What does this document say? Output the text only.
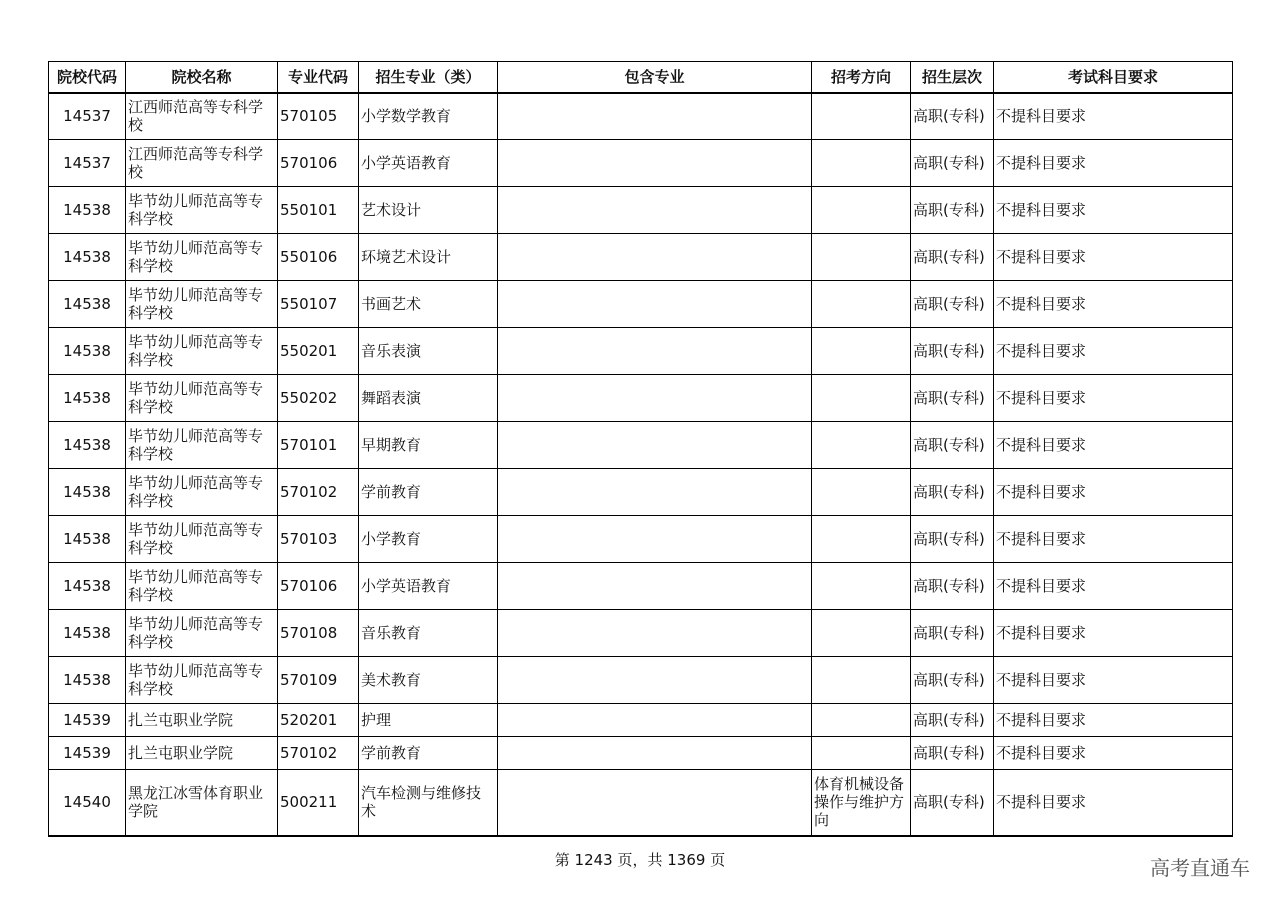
院校代码	院校名称	专业代码	招生专业（类）	包含专业	招考方向	招生层次	考试科目要求
14537	江西师范高等专科学校	570105	小学数学教育			高职(专科)	不提科目要求
14537	江西师范高等专科学校	570106	小学英语教育			高职(专科)	不提科目要求
14538	毕节幼儿师范高等专科学校	550101	艺术设计			高职(专科)	不提科目要求
14538	毕节幼儿师范高等专科学校	550106	环境艺术设计			高职(专科)	不提科目要求
14538	毕节幼儿师范高等专科学校	550107	书画艺术			高职(专科)	不提科目要求
14538	毕节幼儿师范高等专科学校	550201	音乐表演			高职(专科)	不提科目要求
14538	毕节幼儿师范高等专科学校	550202	舞蹈表演			高职(专科)	不提科目要求
14538	毕节幼儿师范高等专科学校	570101	早期教育			高职(专科)	不提科目要求
14538	毕节幼儿师范高等专科学校	570102	学前教育			高职(专科)	不提科目要求
14538	毕节幼儿师范高等专科学校	570103	小学教育			高职(专科)	不提科目要求
14538	毕节幼儿师范高等专科学校	570106	小学英语教育			高职(专科)	不提科目要求
14538	毕节幼儿师范高等专科学校	570108	音乐教育			高职(专科)	不提科目要求
14538	毕节幼儿师范高等专科学校	570109	美术教育			高职(专科)	不提科目要求
14539	扎兰屯职业学院	520201	护理			高职(专科)	不提科目要求
14539	扎兰屯职业学院	570102	学前教育			高职(专科)	不提科目要求
14540	黑龙江冰雪体育职业学院	500211	汽车检测与维修技术		体育机械设备操作与维护方向	高职(专科)	不提科目要求
第 1243 页，共 1369 页	高考直通车
